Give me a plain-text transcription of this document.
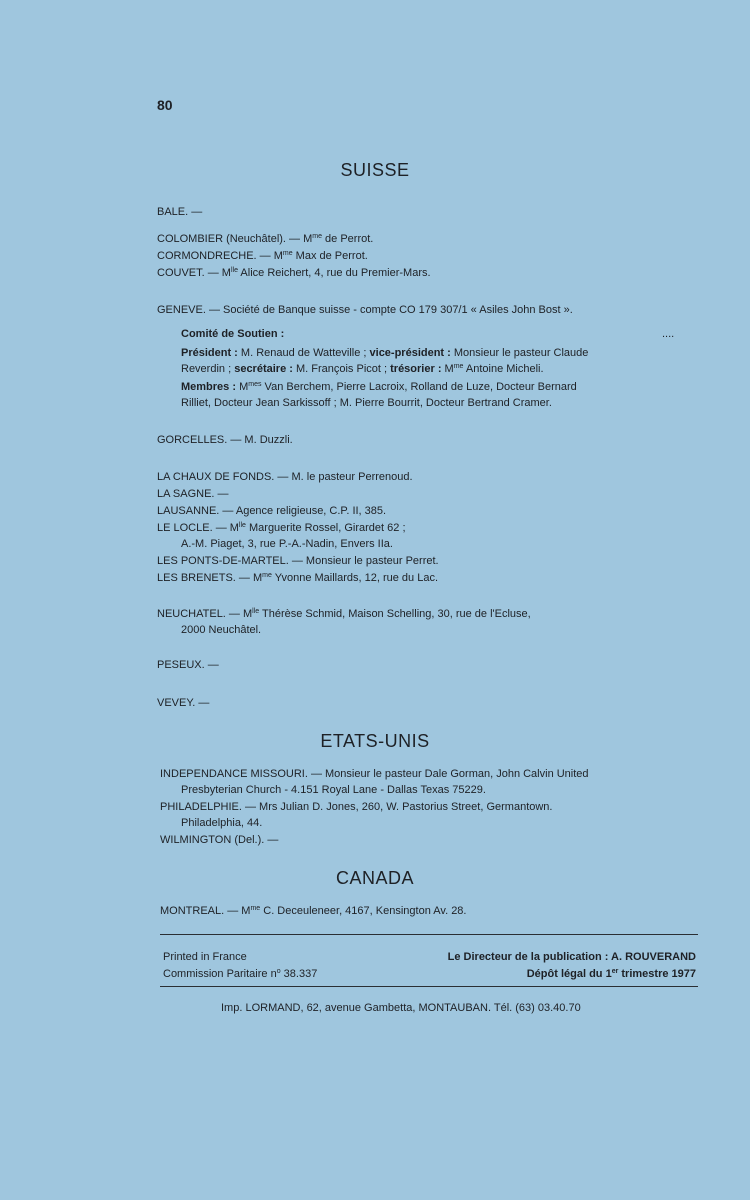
80
SUISSE
BALE. —
COLOMBIER (Neuchâtel). — $M^{me}$ de Perrot.
CORMONDRECHE. — $M^{me}$ Max de Perrot.
COUVET. — $M^{lle}$ Alice Reichert, 4, rue du Premier-Mars.
GENEVE. — Société de Banque suisse - compte CO 179 307/1 « Asiles John Bost ».
Comité de Soutien :	....
Président : M. Renaud de Watteville ; vice-président : Monsieur le pasteur Claude
Reverdin ; secrétaire : M. François Picot ; trésorier : $M^{me}$ Antoine Micheli.
Membres : $M^{mes}$ Van Berchem, Pierre Lacroix, Rolland de Luze, Docteur Bernard
Rilliet, Docteur Jean Sarkissoff ; M. Pierre Bourrit, Docteur Bertrand Cramer.
GORCELLES. — M. Duzzli.
LA CHAUX DE FONDS. — M. le pasteur Perrenoud.
LA SAGNE. —
LAUSANNE. — Agence religieuse, C.P. II, 385.
LE LOCLE. — $M^{lle}$ Marguerite Rossel, Girardet 62 ;
A.-M. Piaget, 3, rue P.-A.-Nadin, Envers IIa.
LES PONTS-DE-MARTEL. — Monsieur le pasteur Perret.
LES BRENETS. — $M^{me}$ Yvonne Maillards, 12, rue du Lac.
NEUCHATEL. — $M^{lle}$ Thérèse Schmid, Maison Schelling, 30, rue de l'Ecluse,
2000 Neuchâtel.
PESEUX. —
VEVEY. —
ETATS-UNIS
INDEPENDANCE MISSOURI. — Monsieur le pasteur Dale Gorman, John Calvin United
Presbyterian Church - 4.151 Royal Lane - Dallas Texas 75229.
PHILADELPHIE. — Mrs Julian D. Jones, 260, W. Pastorius Street, Germantown.
Philadelphia, 44.
WILMINGTON (Del.). —
CANADA
MONTREAL. — $M^{me}$ C. Deceuleneer, 4167, Kensington Av. 28.
Printed in France
Commission Paritaire $n^o$ 38.337
Le Directeur de la publication : A. ROUVERAND
Dépôt légal du 1er trimestre 1977
Imp. LORMAND, 62, avenue Gambetta, MONTAUBAN. Tél. (63) 03.40.70
